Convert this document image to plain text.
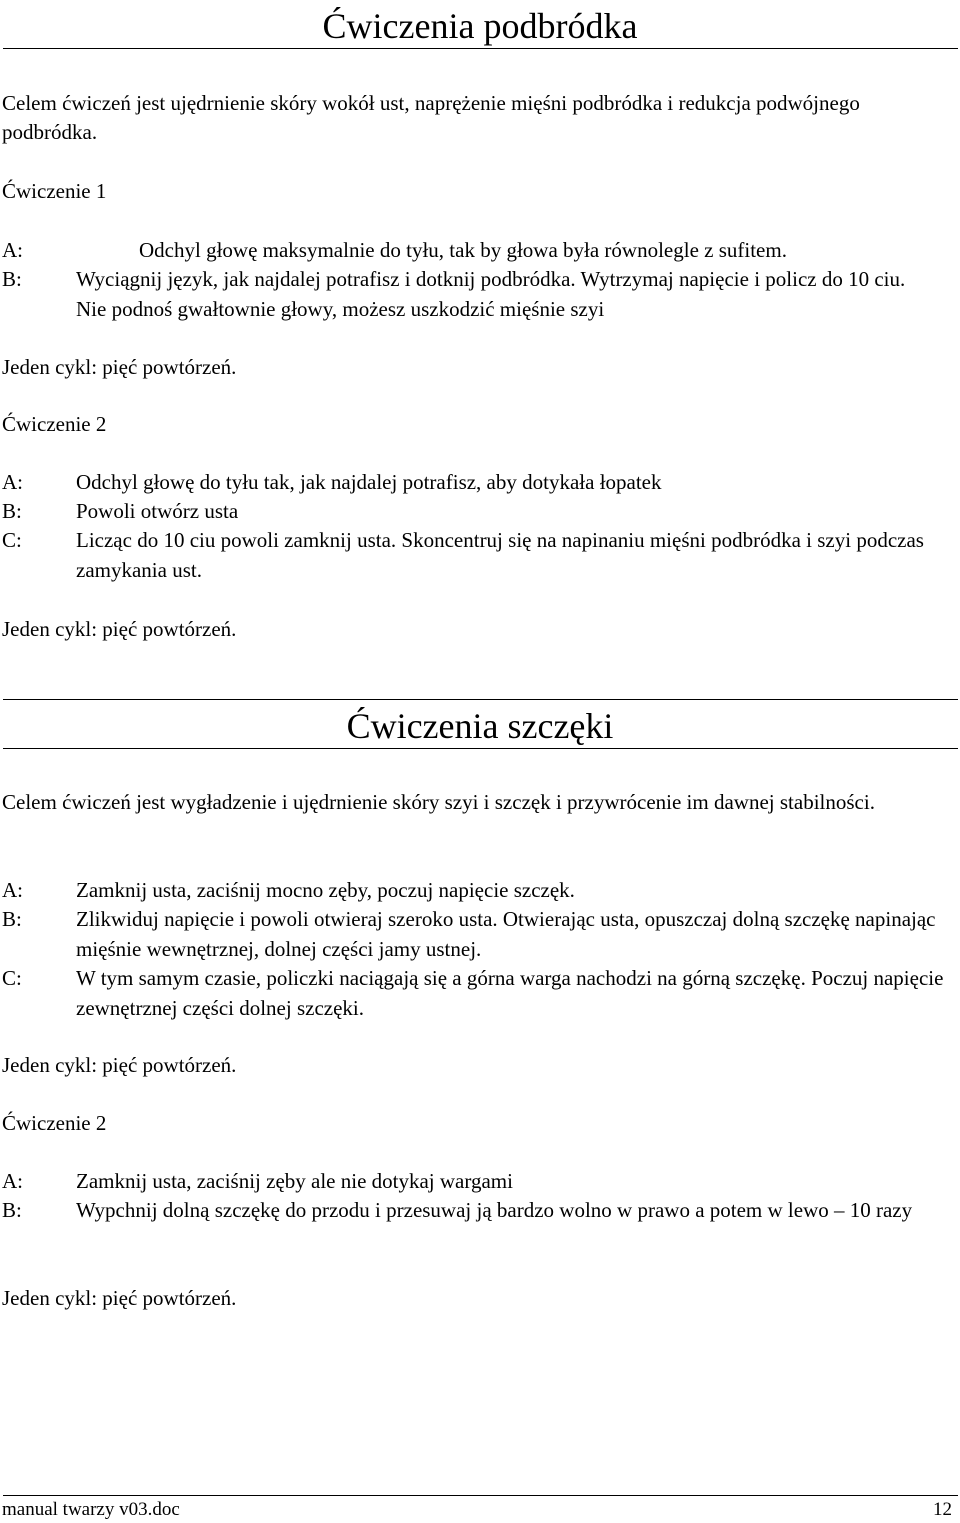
Ćwiczenia podbródka

Celem ćwiczeń jest ujędrnienie skóry wokół ust, naprężenie mięśni podbródka i redukcja podwójnego podbródka.

Ćwiczenie 1
A:	Odchyl głowę maksymalnie do tyłu, tak by głowa była równolegle z sufitem.
B:	Wyciągnij język, jak najdalej potrafisz i dotknij podbródka. Wytrzymaj napięcie i policz do 10 ciu. Nie podnoś gwałtownie głowy, możesz uszkodzić mięśnie szyi
Jeden cykl: pięć powtórzeń.
Ćwiczenie 2
A:	Odchyl głowę do tyłu tak, jak najdalej potrafisz, aby dotykała łopatek
B:	Powoli otwórz usta
C:	Licząc do 10 ciu powoli zamknij usta. Skoncentruj się na napinaniu mięśni podbródka i szyi podczas zamykania ust.
Jeden cykl: pięć powtórzeń.
Ćwiczenia szczęki

Celem ćwiczeń jest wygładzenie i ujędrnienie skóry szyi i szczęk i przywrócenie im dawnej stabilności.

A:	Zamknij usta, zaciśnij mocno zęby, poczuj napięcie szczęk.
B:	Zlikwiduj napięcie i powoli otwieraj szeroko usta. Otwierając usta, opuszczaj dolną szczękę napinając mięśnie wewnętrznej, dolnej części jamy ustnej.
C:	W tym samym czasie, policzki naciągają się a górna warga nachodzi na górną szczękę. Poczuj napięcie zewnętrznej części dolnej szczęki.
Jeden cykl: pięć powtórzeń.
Ćwiczenie 2
A:	Zamknij usta, zaciśnij zęby ale nie dotykaj wargami
B:	Wypchnij dolną szczękę do przodu i przesuwaj ją bardzo wolno w prawo a potem w lewo – 10 razy
Jeden cykl: pięć powtórzeń.
manual twarzy v03.doc	12
